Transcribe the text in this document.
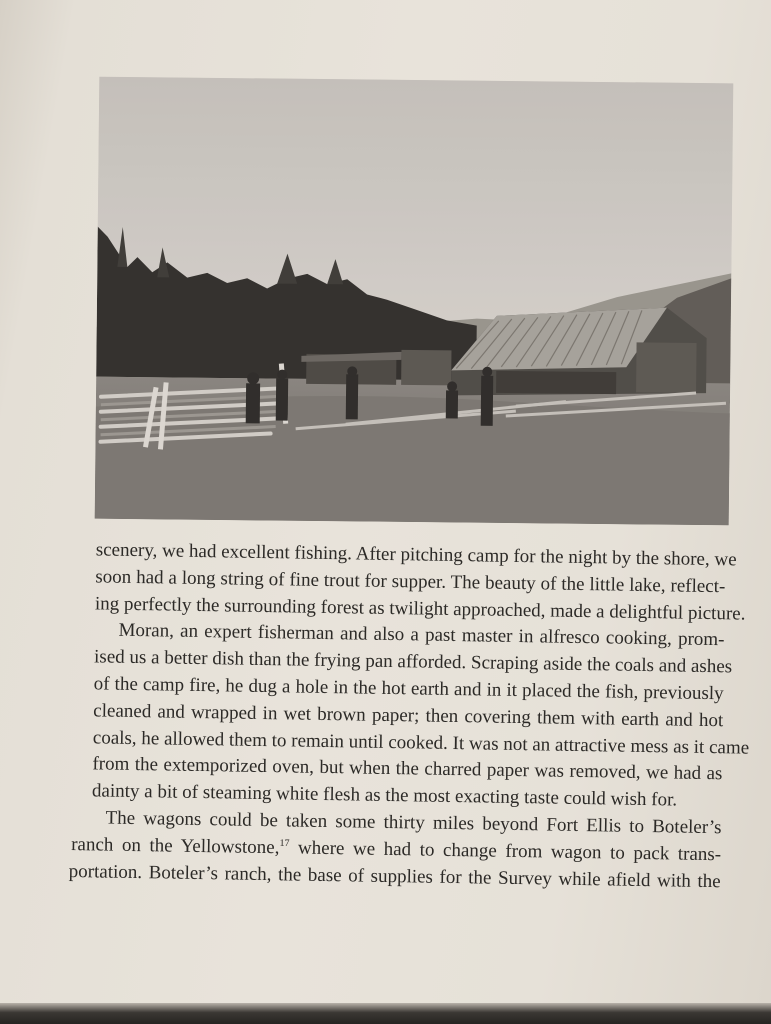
scenery, we had excellent fishing. After pitching camp for the night by the shore, we
soon had a long string of fine trout for supper. The beauty of the little lake, reflect-
ing perfectly the surrounding forest as twilight approached, made a delightful picture.
Moran, an expert fisherman and also a past master in alfresco cooking, prom-
ised us a better dish than the frying pan afforded. Scraping aside the coals and ashes
of the camp fire, he dug a hole in the hot earth and in it placed the fish, previously
cleaned and wrapped in wet brown paper; then covering them with earth and hot
coals, he allowed them to remain until cooked. It was not an attractive mess as it came
from the extemporized oven, but when the charred paper was removed, we had as
dainty a bit of steaming white flesh as the most exacting taste could wish for.
The wagons could be taken some thirty miles beyond Fort Ellis to Boteler’s
ranch on the Yellowstone,$^{17}$ where we had to change from wagon to pack trans-
portation. Boteler’s ranch, the base of supplies for the Survey while afield with the
